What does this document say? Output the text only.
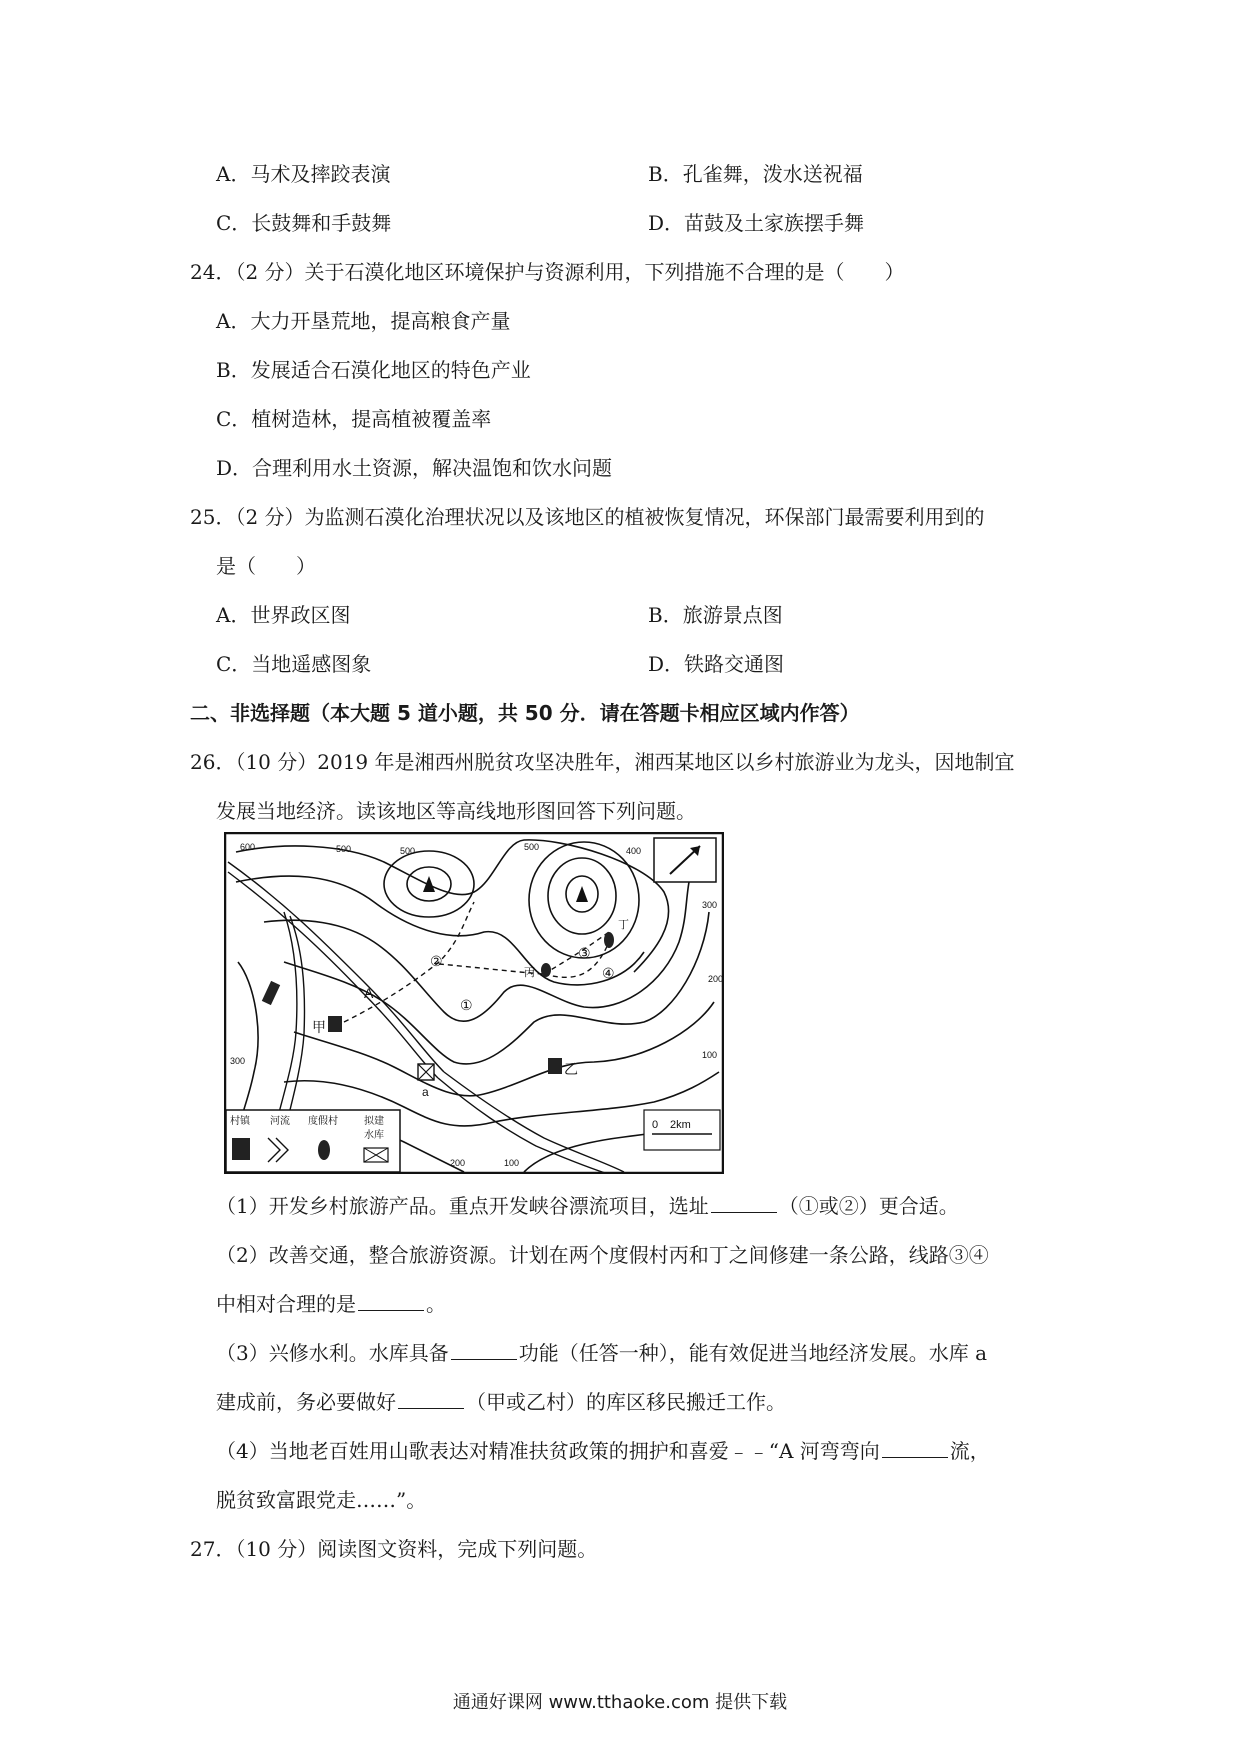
A．马术及摔跤表演	B．孔雀舞，泼水送祝福
C．长鼓舞和手鼓舞	D．苗鼓及土家族摆手舞
24．（2 分）关于石漠化地区环境保护与资源利用，下列措施不合理的是（　　）
A．大力开垦荒地，提高粮食产量
B．发展适合石漠化地区的特色产业
C．植树造林，提高植被覆盖率
D．合理利用水土资源，解决温饱和饮水问题
25．（2 分）为监测石漠化治理状况以及该地区的植被恢复情况，环保部门最需要利用到的
是（　　）
A．世界政区图	B．旅游景点图
C．当地遥感图象	D．铁路交通图
二、非选择题（本大题 5 道小题，共 50 分．请在答题卡相应区域内作答）
26．（10 分）2019 年是湘西州脱贫攻坚决胜年，湘西某地区以乡村旅游业为龙头，因地制宜
发展当地经济。读该地区等高线地形图回答下列问题。
600	500	500	500	400
300
200
300
100
200	100
A
甲
乙
丙
丁
a
①
②	③
④
村镇 河流 度假村	拟建
水库
0 2km
（1）开发乡村旅游产品。重点开发峡谷漂流项目，选址	（①或②）更合适。
（2）改善交通，整合旅游资源。计划在两个度假村丙和丁之间修建一条公路，线路③④
中相对合理的是	。
（3）兴修水利。水库具备	功能（任答一种），能有效促进当地经济发展。水库 a
建成前，务必要做好	（甲或乙村）的库区移民搬迁工作。
（4）当地老百姓用山歌表达对精准扶贫政策的拥护和喜爱﹣﹣“A 河弯弯向	流，
脱贫致富跟党走……”。
27．（10 分）阅读图文资料，完成下列问题。
通通好课网 www.tthaoke.com 提供下载
